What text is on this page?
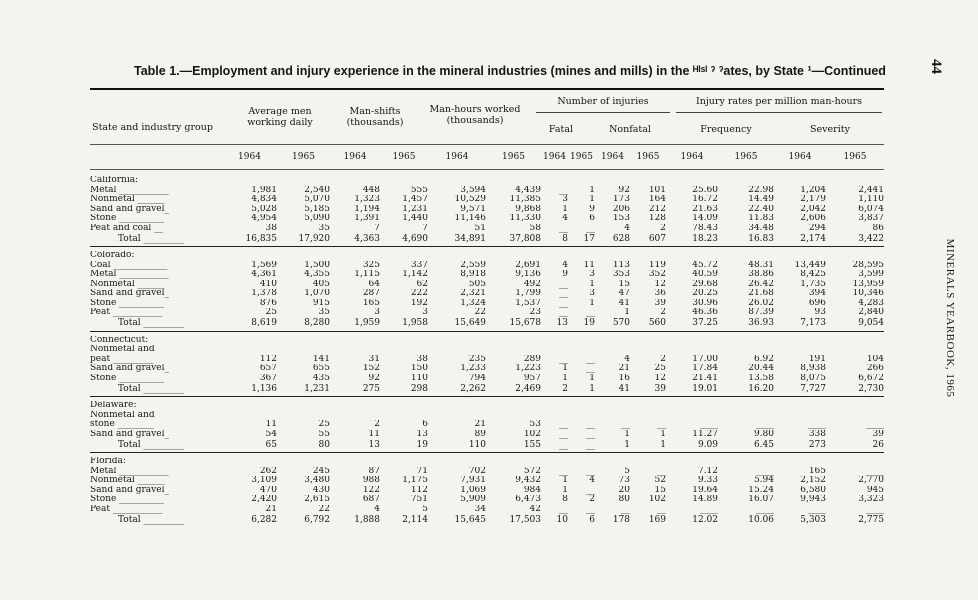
Table 1.—Employment and injury experience in the mineral industries (mines and mills) in the ᴴᴵˢˡ ˀ ˀates, by State ¹—Continued	44
MINERALS YEARBOOK, 1965
State and industry group
Average men working daily
Man-shifts (thousands)
Man-hours worked (thousands)
Number of injuries
Fatal	Nonfatal
Injury rates per million man-hours
Frequency	Severity
1964	1965	1964	1965	1964	1965	1964 1965 1964	1965	1964	1965	1964	1965
California:														
Metal ___________	1,981	2,540	448	555	3,594	4,439	__	1	92	101	25.60	22.98	1,204	2,441
Nonmetal ______	4,834	5,070	1,323	1,457	10,529	11,385	3	1	173	164	16.72	14.49	2,179	1,110
Sand and gravel_	5,028	5,185	1,194	1,231	9,571	9,868	1	9	206	212	21.63	22.40	2,042	6,074
Stone __________	4,954	5,090	1,391	1,440	11,146	11,330	4	6	153	128	14.09	11.83	2,606	3,837
Peat and coal __	38	35	7	7	51	58	__	__	4	2	78.43	34.48	294	86
Total _________	16,835	17,920	4,363	4,690	34,891	37,808	8	17	628	607	18.23	16.83	2,174	3,422

Colorado:														
Coal ____________	1,569	1,500	325	337	2,559	2,691	4	11	113	119	45.72	48.31	13,449	28,595
Metal ___________	4,361	4,355	1,115	1,142	8,918	9,136	9	3	353	352	40.59	38.86	8,425	3,599
Nonmetal ______	410	405	64	62	505	492	__	1	15	12	29.68	26.42	1,735	13,959
Sand and gravel_	1,378	1,070	287	222	2,321	1,799	__	3	47	36	20.25	21.68	394	10,346
Stone __________	876	915	165	192	1,324	1,537	__	1	41	39	30.96	26.02	696	4,283
Peat ___________	25	35	3	3	22	23	__	__	1	2	46.36	87.39	93	2,840
Total _________	8,619	8,280	1,959	1,958	15,649	15,678	13	19	570	560	37.25	36.93	7,173	9,054

Connecticut:														
Nonmetal and														
peat _________	112	141	31	38	235	289	__	__	4	2	17.00	6.92	191	104
Sand and gravel_	657	655	152	150	1,233	1,223	1	__	21	25	17.84	20.44	8,938	266
Stone __________	367	435	92	110	794	957	1	1	16	12	21.41	13.58	8,075	6,672
Total _________	1,136	1,231	275	298	2,262	2,469	2	1	41	39	19.01	16.20	7,727	2,730

Delaware:														
Nonmetal and														
stone ________	11	25	2	6	21	53	__	__	__	__	____	____	____	____
Sand and gravel_	54	55	11	13	89	102	__	__	1	1	11.27	9.80	338	39
Total _________	65	80	13	19	110	155	__	__	1	1	9.09	6.45	273	26

Florida:														
Metal ___________	262	245	87	71	702	572	__	__	5	__	7.12	____	165	____
Nonmetal ______	3,109	3,480	988	1,175	7,931	9,432	1	4	73	52	9.33	5.94	2,152	2,770
Sand and gravel_	470	430	122	112	1,069	984	1	__	20	15	19.64	15.24	6,580	945
Stone __________	2,420	2,615	687	751	5,909	6,473	8	2	80	102	14.89	16.07	9,943	3,323
Peat ___________	21	22	4	5	34	42	__	__	__	__	____	____	____	____
Total _________	6,282	6,792	1,888	2,114	15,645	17,503	10	6	178	169	12.02	10.06	5,303	2,775
